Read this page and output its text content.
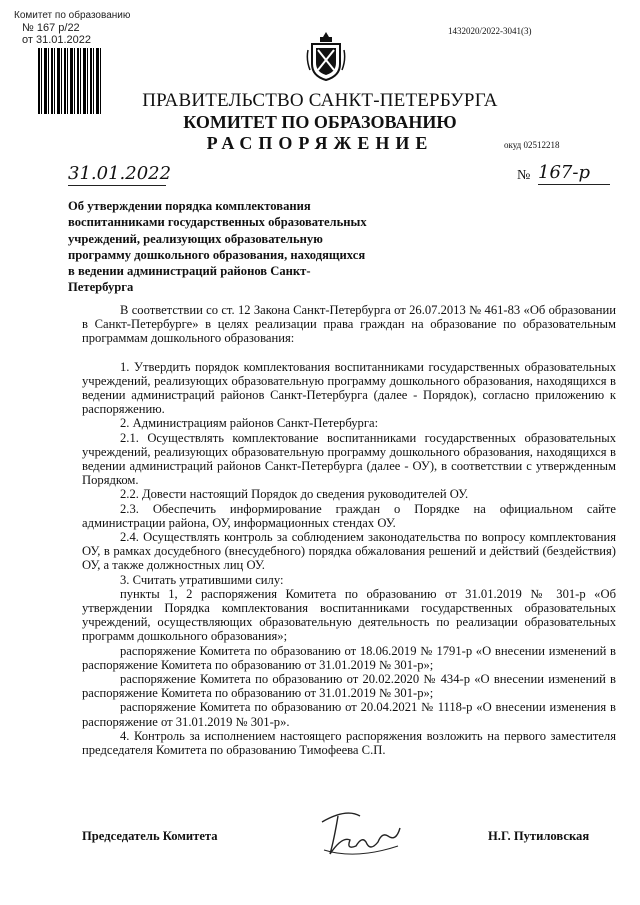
Комитет по образованию
№ 167 р/22
от 31.01.2022
1432020/2022-3041(3)
ПРАВИТЕЛЬСТВО САНКТ-ПЕТЕРБУРГА
КОМИТЕТ ПО ОБРАЗОВАНИЮ
РАСПОРЯЖЕНИЕ	окуд 02512218
31.01.2022	№ 167-р
Об утверждении порядка комплектования воспитанниками государственных образовательных учреждений, реализующих образовательную программу дошкольного образования, находящихся в ведении администраций районов Санкт-Петербурга

В соответствии со ст. 12 Закона Санкт-Петербурга от 26.07.2013 № 461-83 «Об образовании в Санкт-Петербурге» в целях реализации права граждан на образование по образовательным программам дошкольного образования:

1. Утвердить порядок комплектования воспитанниками государственных образовательных учреждений, реализующих образовательную программу дошкольного образования, находящихся в ведении администраций районов Санкт-Петербурга (далее - Порядок), согласно приложению к распоряжению.

2. Администрациям районов Санкт-Петербурга:

2.1. Осуществлять комплектование воспитанниками государственных образовательных учреждений, реализующих образовательную программу дошкольного образования, находящихся в ведении администраций районов Санкт-Петербурга (далее - ОУ), в соответствии с утвержденным Порядком.

2.2. Довести настоящий Порядок до сведения руководителей ОУ.

2.3. Обеспечить информирование граждан о Порядке на официальном сайте администрации района, ОУ, информационных стендах ОУ.

2.4. Осуществлять контроль за соблюдением законодательства по вопросу комплектования ОУ, в рамках досудебного (внесудебного) порядка обжалования решений и действий (бездействия) ОУ, а также должностных лиц ОУ.

3. Считать утратившими силу:

пункты 1, 2 распоряжения Комитета по образованию от 31.01.2019 № 301-р «Об утверждении Порядка комплектования воспитанниками государственных образовательных учреждений, осуществляющих образовательную деятельность по реализации образовательных программ дошкольного образования»;

распоряжение Комитета по образованию от 18.06.2019 № 1791-р «О внесении изменений в распоряжение Комитета по образованию от 31.01.2019 № 301-р»;

распоряжение Комитета по образованию от 20.02.2020 № 434-р «О внесении изменений в распоряжение Комитета по образованию от 31.01.2019 № 301-р»;

распоряжение Комитета по образованию от 20.04.2021 № 1118-р «О внесении изменения в распоряжение от 31.01.2019 № 301-р».

4. Контроль за исполнением настоящего распоряжения возложить на первого заместителя председателя Комитета по образованию Тимофеева С.П.

Председатель Комитета	Н.Г. Путиловская
